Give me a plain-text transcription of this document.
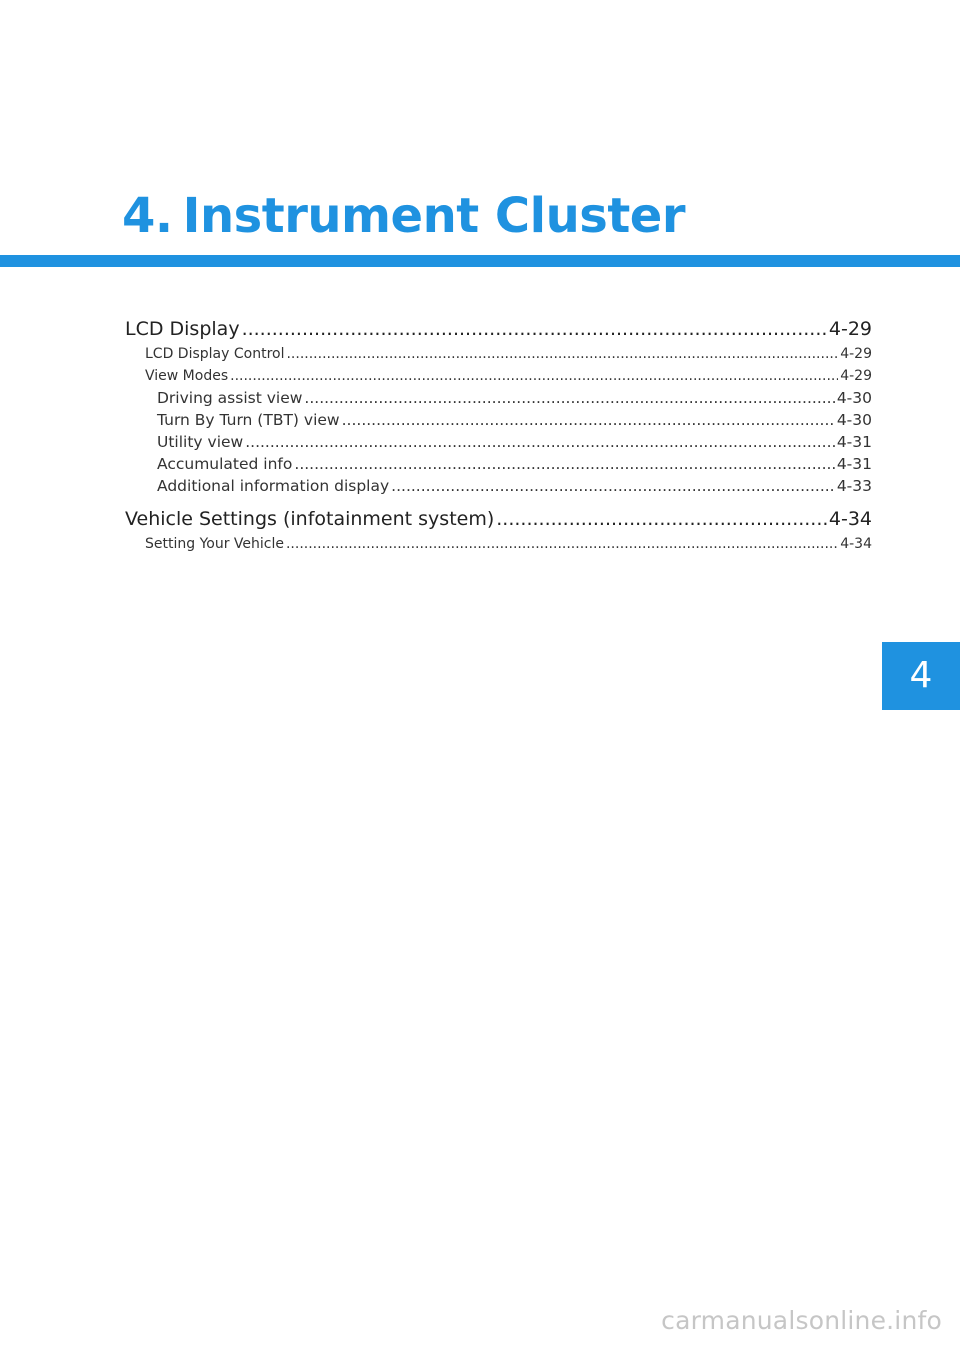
4. Instrument Cluster
LCD Display .....	4-29
LCD Display Control .....	4-29
View Modes .....	4-29
Driving assist view .....	4-30
Turn By Turn (TBT) view .....	4-30
Utility view .....	4-31
Accumulated info .....	4-31
Additional information display .....	4-33
Vehicle Settings (infotainment system) .....	4-34
Setting Your Vehicle .....	4-34
4
carmanualsonline.info
